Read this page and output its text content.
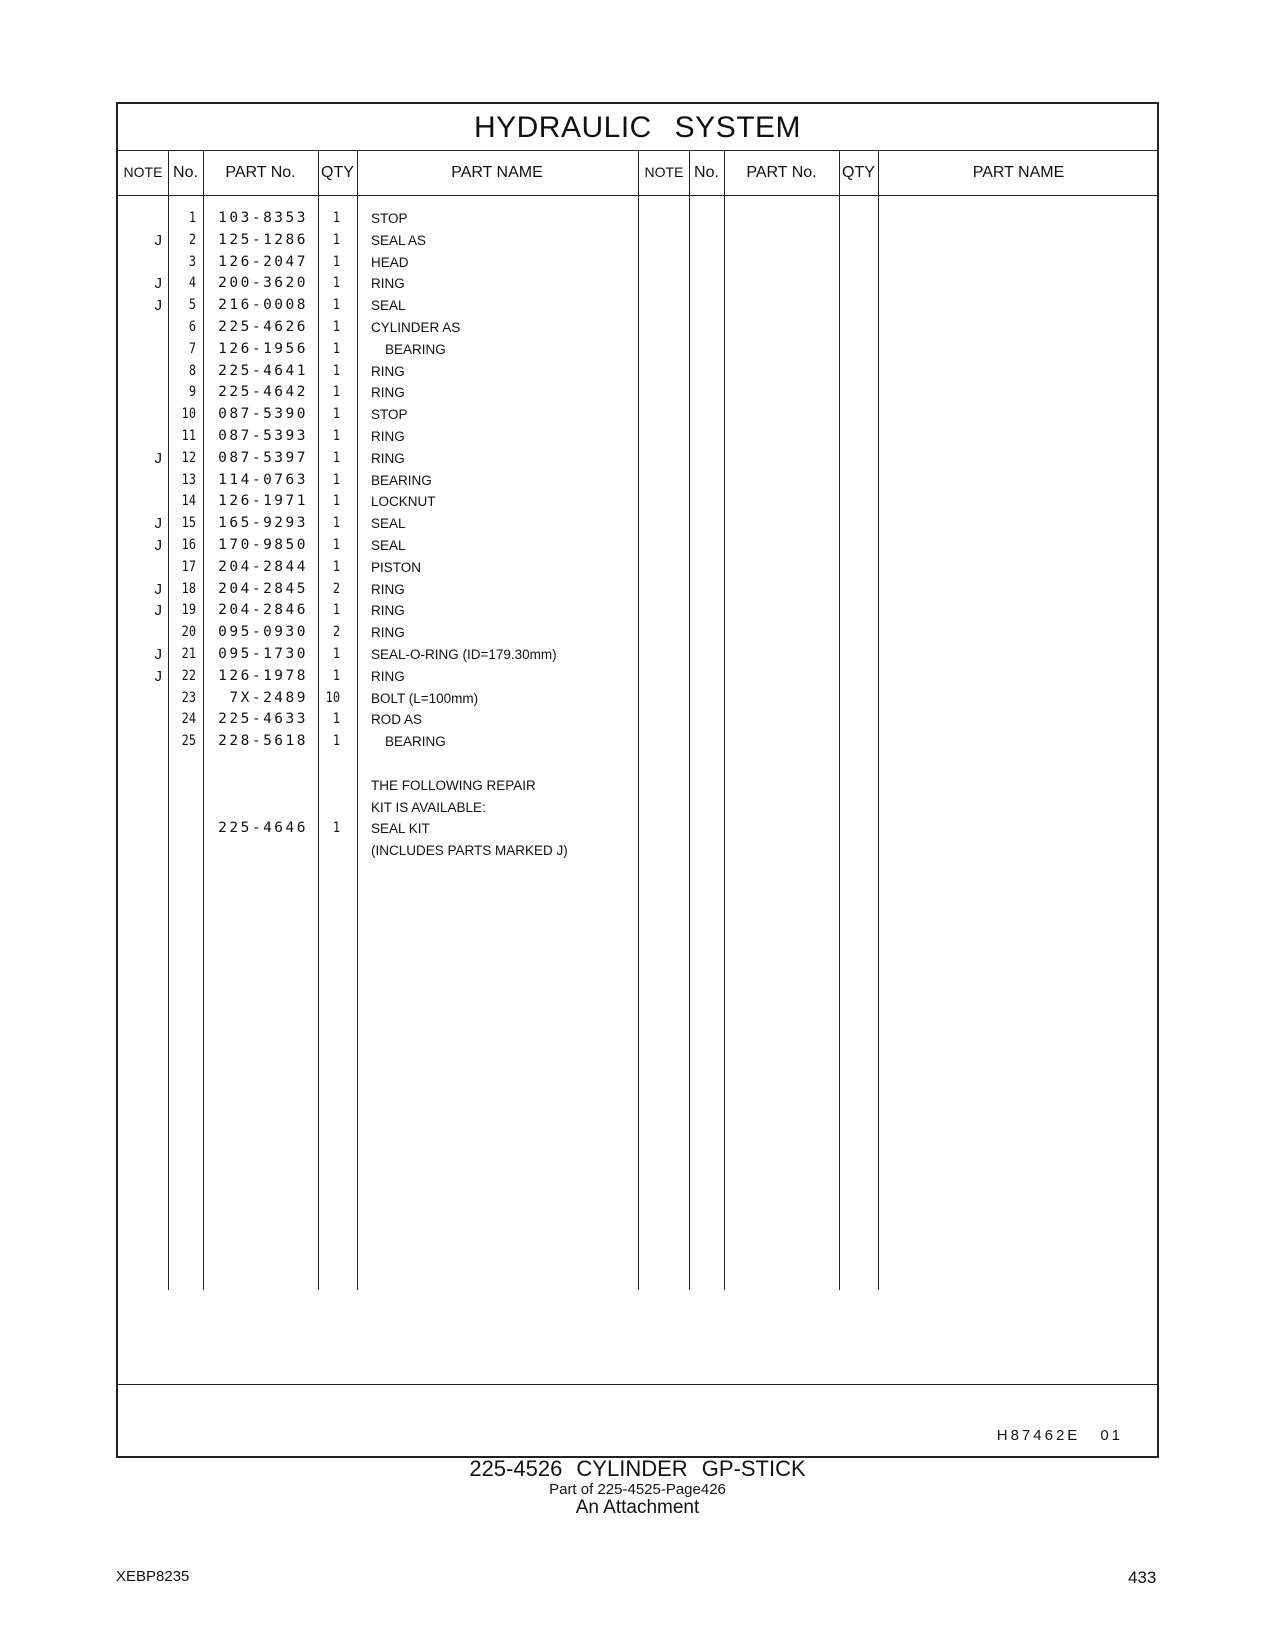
HYDRAULIC SYSTEM
NOTE No.	PART No.	QTY	PART NAME	NOTE No.	PART No.	QTY	PART NAME
1	103-8353	1 STOP
J	2	125-1286	1 SEAL AS
3	126-2047	1 HEAD
J	4	200-3620	1 RING
J	5	216-0008	1 SEAL
6	225-4626	1 CYLINDER AS
7	126-1956	1	BEARING
8	225-4641	1 RING
9	225-4642	1 RING
10	087-5390	1 STOP
11	087-5393	1 RING
J	12	087-5397	1 RING
13	114-0763	1 BEARING
14	126-1971	1 LOCKNUT
J	15	165-9293	1 SEAL
J	16	170-9850	1 SEAL
17	204-2844	1 PISTON
J	18	204-2845	2 RING
J	19	204-2846	1 RING
20	095-0930	2 RING
J	21	095-1730	1 SEAL-O-RING (ID=179.30mm)
J	22	126-1978	1 RING
23	7X-2489	10 BOLT (L=100mm)
24	225-4633	1 ROD AS
25	228-5618	1	BEARING
THE FOLLOWING REPAIR
KIT IS AVAILABLE:
225-4646	1 SEAL KIT
(INCLUDES PARTS MARKED J)
H87462E 01
225-4526 CYLINDER GP-STICK
Part of 225-4525-Page426
An Attachment
XEBP8235	433
